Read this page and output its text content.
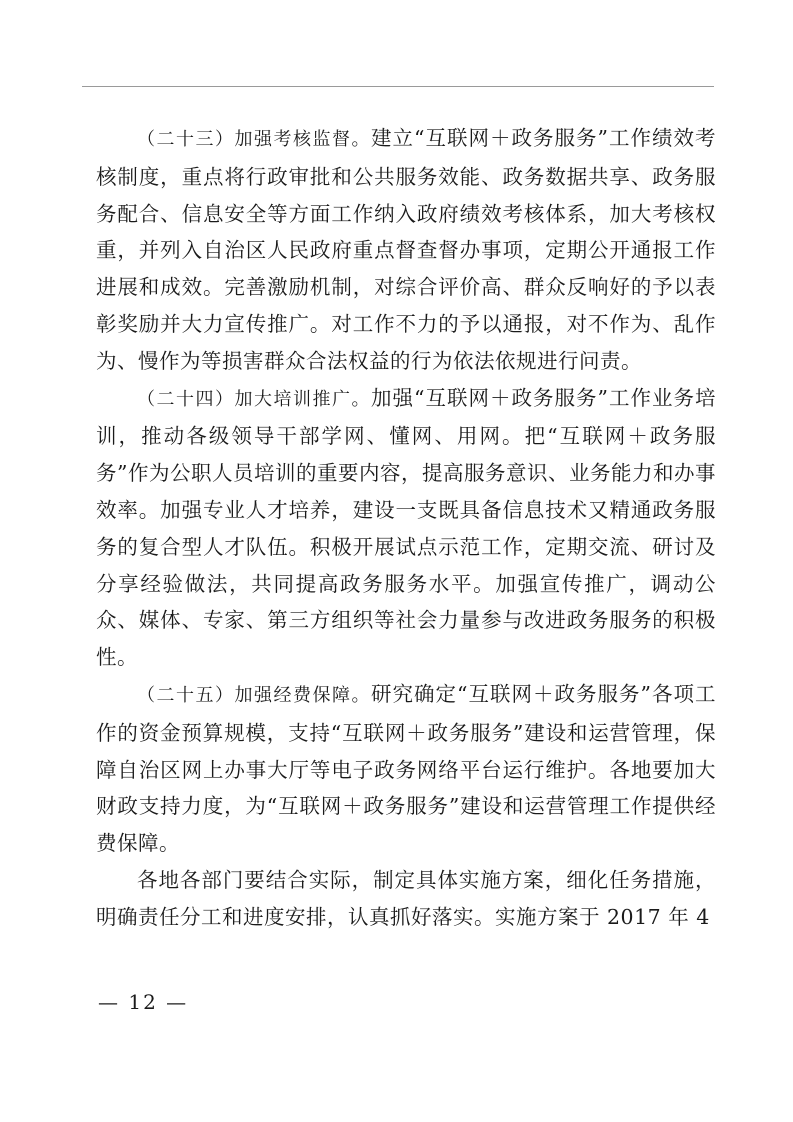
（二十三）加强考核监督。建立“互联网＋政务服务”工作绩效考核制度，重点将行政审批和公共服务效能、政务数据共享、政务服务配合、信息安全等方面工作纳入政府绩效考核体系，加大考核权重，并列入自治区人民政府重点督查督办事项，定期公开通报工作进展和成效。完善激励机制，对综合评价高、群众反响好的予以表彰奖励并大力宣传推广。对工作不力的予以通报，对不作为、乱作为、慢作为等损害群众合法权益的行为依法依规进行问责。

（二十四）加大培训推广。加强“互联网＋政务服务”工作业务培训，推动各级领导干部学网、懂网、用网。把“互联网＋政务服务”作为公职人员培训的重要内容，提高服务意识、业务能力和办事效率。加强专业人才培养，建设一支既具备信息技术又精通政务服务的复合型人才队伍。积极开展试点示范工作，定期交流、研讨及分享经验做法，共同提高政务服务水平。加强宣传推广，调动公众、媒体、专家、第三方组织等社会力量参与改进政务服务的积极性。

（二十五）加强经费保障。研究确定“互联网＋政务服务”各项工作的资金预算规模，支持“互联网＋政务服务”建设和运营管理，保障自治区网上办事大厅等电子政务网络平台运行维护。各地要加大财政支持力度，为“互联网＋政务服务”建设和运营管理工作提供经费保障。

各地各部门要结合实际，制定具体实施方案，细化任务措施，明确责任分工和进度安排，认真抓好落实。实施方案于 2017 年 4

— 12 —
